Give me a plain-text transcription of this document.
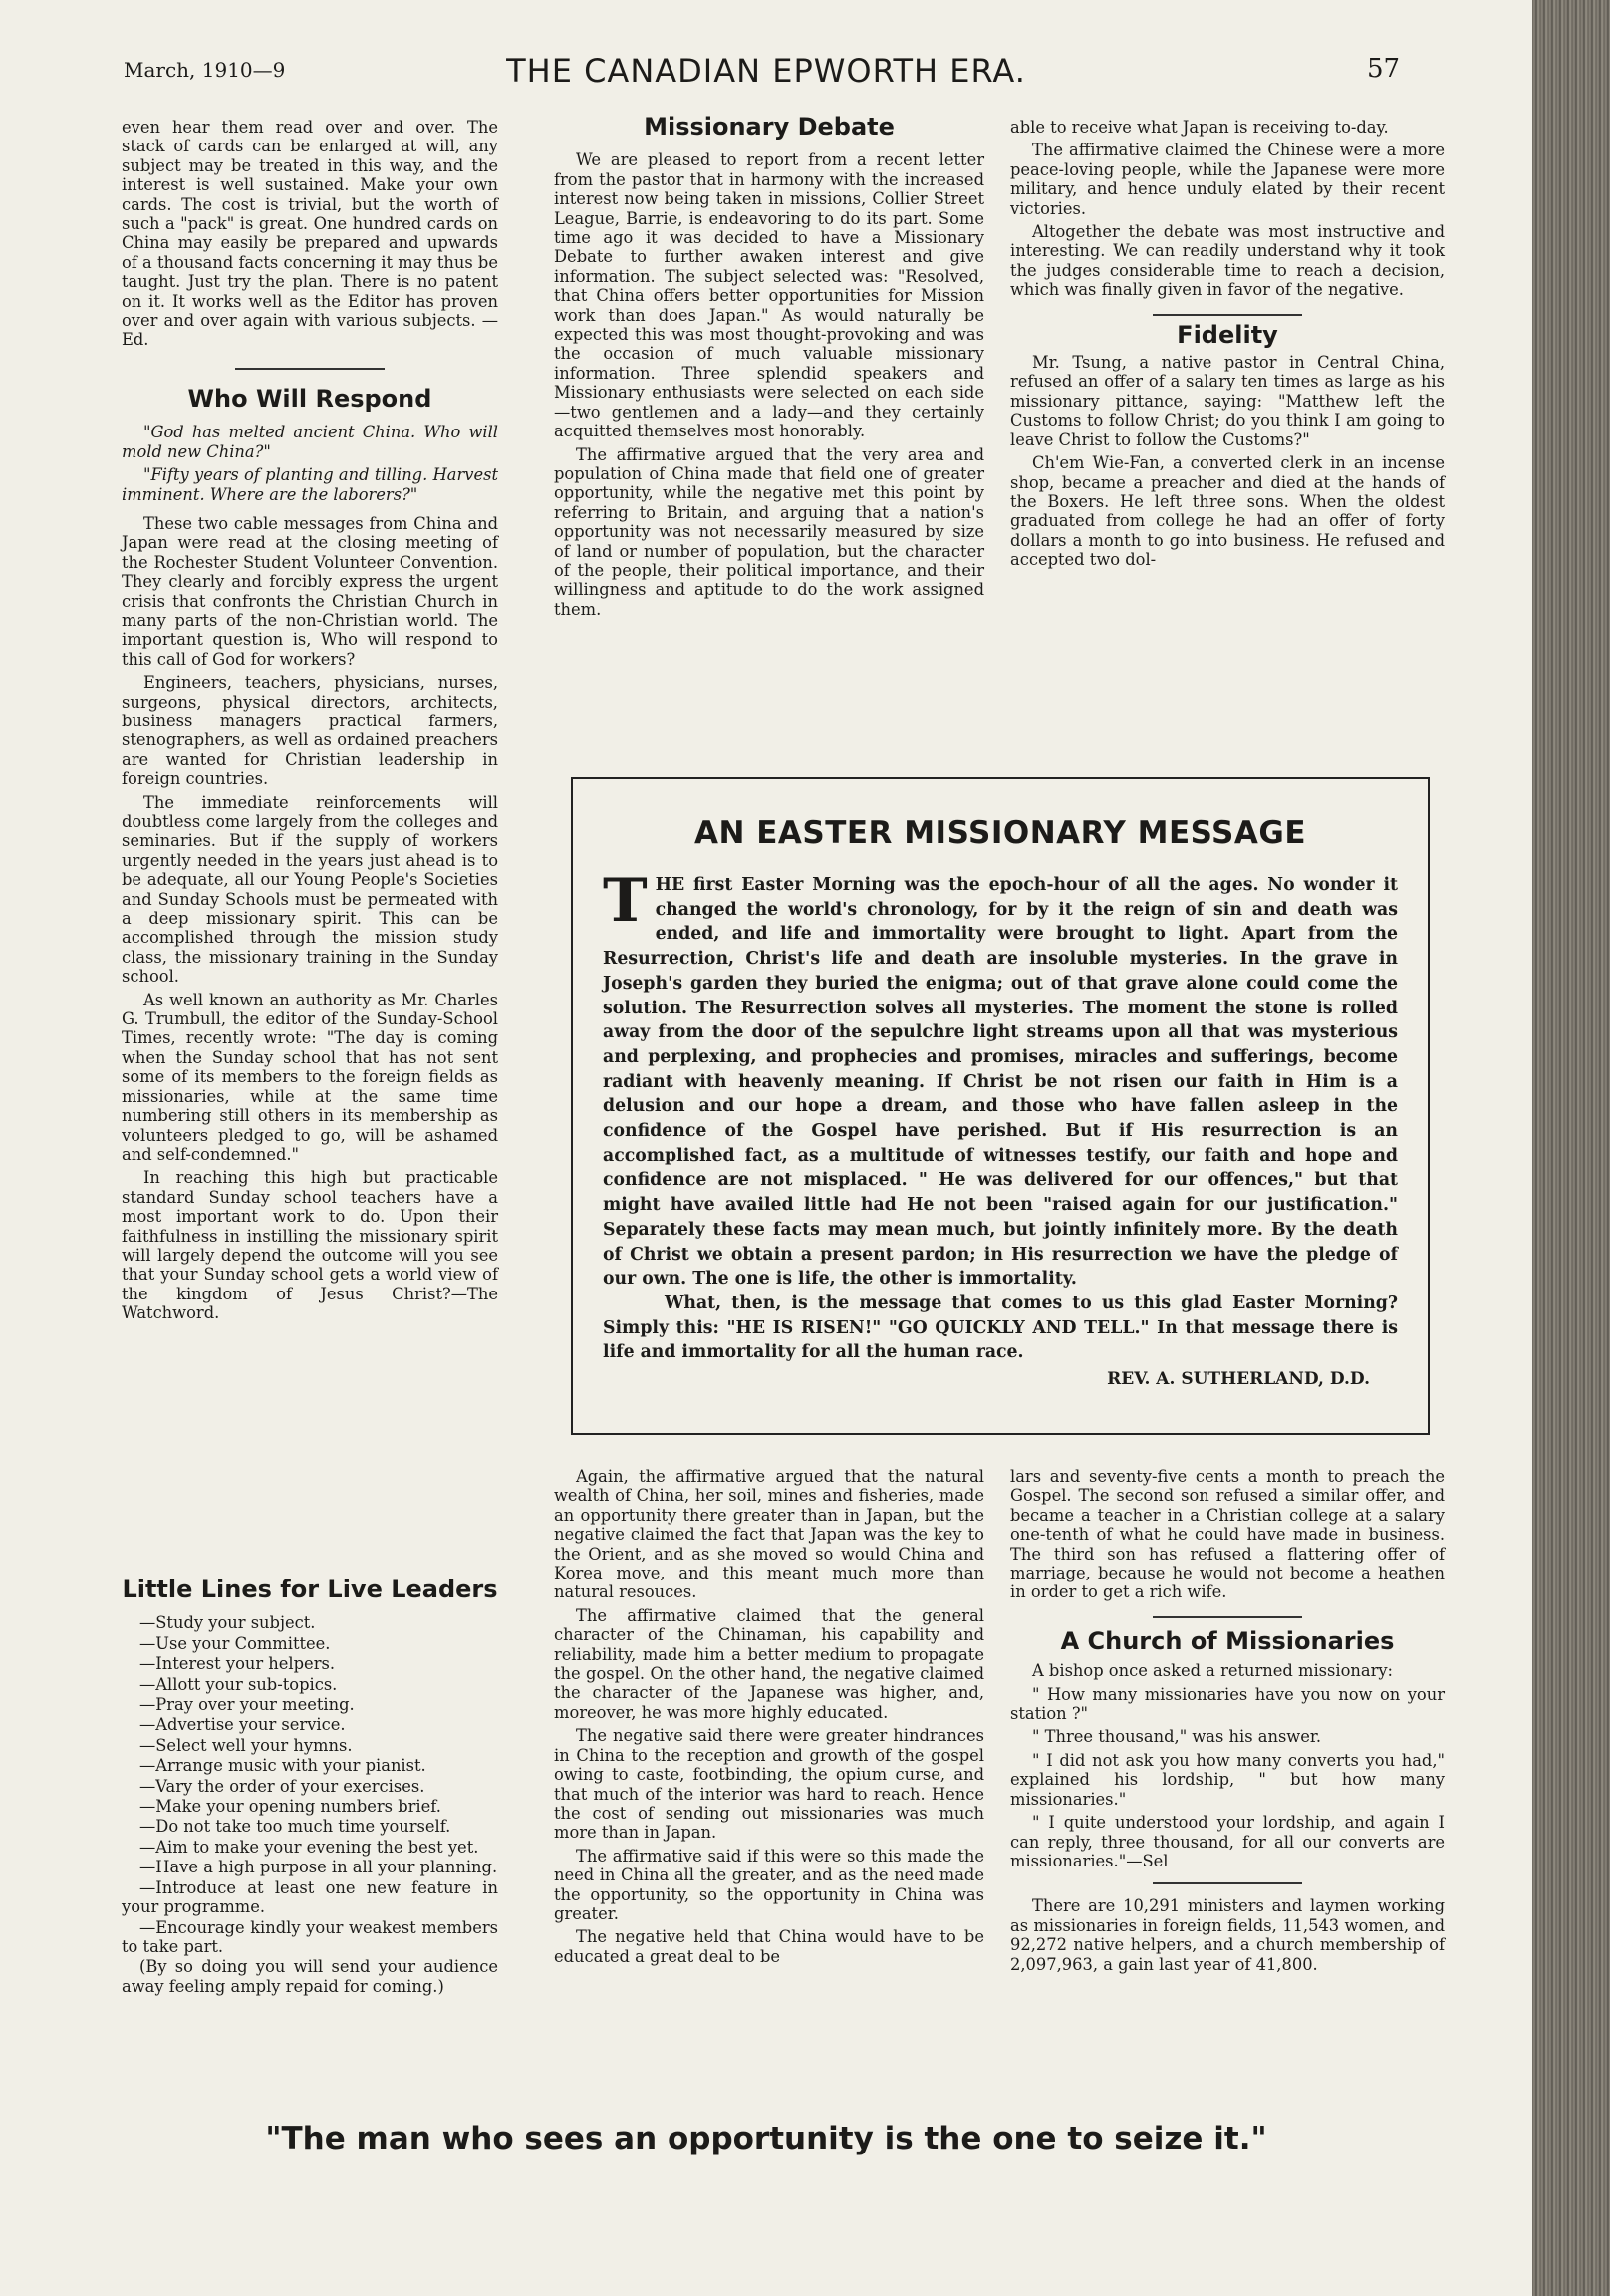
March, 1910—9	THE CANADIAN EPWORTH ERA.	57

even hear them read over and over. The stack of cards can be enlarged at will, any subject may be treated in this way, and the interest is well sustained. Make your own cards. The cost is trivial, but the worth of such a "pack" is great. One hundred cards on China may easily be prepared and upwards of a thousand facts concerning it may thus be taught. Just try the plan. There is no patent on it. It works well as the Editor has proven over and over again with various subjects. —Ed.

Who Will Respond

"God has melted ancient China. Who will mold new China?"

"Fifty years of planting and tilling. Harvest imminent. Where are the laborers?"

These two cable messages from China and Japan were read at the closing meeting of the Rochester Student Volunteer Convention. They clearly and forcibly express the urgent crisis that confronts the Christian Church in many parts of the non-Christian world. The important question is, Who will respond to this call of God for workers?

Engineers, teachers, physicians, nurses, surgeons, physical directors, architects, business managers practical farmers, stenographers, as well as ordained preachers are wanted for Christian leadership in foreign countries.

The immediate reinforcements will doubtless come largely from the colleges and seminaries. But if the supply of workers urgently needed in the years just ahead is to be adequate, all our Young People's Societies and Sunday Schools must be permeated with a deep missionary spirit. This can be accomplished through the mission study class, the missionary training in the Sunday school.

As well known an authority as Mr. Charles G. Trumbull, the editor of the Sunday-School Times, recently wrote: "The day is coming when the Sunday school that has not sent some of its members to the foreign fields as missionaries, while at the same time numbering still others in its membership as volunteers pledged to go, will be ashamed and self-condemned."

In reaching this high but practicable standard Sunday school teachers have a most important work to do. Upon their faithfulness in instilling the missionary spirit will largely depend the outcome will you see that your Sunday school gets a world view of the kingdom of Jesus Christ?—The Watchword.

Little Lines for Live Leaders
—Study your subject.
—Use your Committee.
—Interest your helpers.
—Allott your sub-topics.
—Pray over your meeting.
—Advertise your service.
—Select well your hymns.
—Arrange music with your pianist.
—Vary the order of your exercises.
—Make your opening numbers brief.
—Do not take too much time yourself.
—Aim to make your evening the best yet.
—Have a high purpose in all your planning.
—Introduce at least one new feature in your programme.
—Encourage kindly your weakest members to take part.
(By so doing you will send your audience away feeling amply repaid for coming.)
Missionary Debate

We are pleased to report from a recent letter from the pastor that in harmony with the increased interest now being taken in missions, Collier Street League, Barrie, is endeavoring to do its part. Some time ago it was decided to have a Missionary Debate to further awaken interest and give information. The subject selected was: "Resolved, that China offers better opportunities for Mission work than does Japan." As would naturally be expected this was most thought-provoking and was the occasion of much valuable missionary information. Three splendid speakers and Missionary enthusiasts were selected on each side—two gentlemen and a lady—and they certainly acquitted themselves most honorably.

The affirmative argued that the very area and population of China made that field one of greater opportunity, while the negative met this point by referring to Britain, and arguing that a nation's opportunity was not necessarily measured by size of land or number of population, but the character of the people, their political importance, and their willingness and aptitude to do the work assigned them.

able to receive what Japan is receiving to-day.

The affirmative claimed the Chinese were a more peace-loving people, while the Japanese were more military, and hence unduly elated by their recent victories.

Altogether the debate was most instructive and interesting. We can readily understand why it took the judges considerable time to reach a decision, which was finally given in favor of the negative.

Fidelity

Mr. Tsung, a native pastor in Central China, refused an offer of a salary ten times as large as his missionary pittance, saying: "Matthew left the Customs to follow Christ; do you think I am going to leave Christ to follow the Customs?"

Ch'em Wie-Fan, a converted clerk in an incense shop, became a preacher and died at the hands of the Boxers. He left three sons. When the oldest graduated from college he had an offer of forty dollars a month to go into business. He refused and accepted two dol-

AN EASTER MISSIONARY MESSAGE

THE first Easter Morning was the epoch-hour of all the ages. No wonder it changed the world's chronology, for by it the reign of sin and death was ended, and life and immortality were brought to light. Apart from the Resurrection, Christ's life and death are insoluble mysteries. In the grave in Joseph's garden they buried the enigma; out of that grave alone could come the solution. The Resurrection solves all mysteries. The moment the stone is rolled away from the door of the sepulchre light streams upon all that was mysterious and perplexing, and prophecies and promises, miracles and sufferings, become radiant with heavenly meaning. If Christ be not risen our faith in Him is a delusion and our hope a dream, and those who have fallen asleep in the confidence of the Gospel have perished. But if His resurrection is an accomplished fact, as a multitude of witnesses testify, our faith and hope and confidence are not misplaced. " He was delivered for our offences," but that might have availed little had He not been "raised again for our justification." Separately these facts may mean much, but jointly infinitely more. By the death of Christ we obtain a present pardon; in His resurrection we have the pledge of our own. The one is life, the other is immortality.

What, then, is the message that comes to us this glad Easter Morning? Simply this: "HE IS RISEN!" "GO QUICKLY AND TELL." In that message there is life and immortality for all the human race.

REV. A. SUTHERLAND, D.D.

Again, the affirmative argued that the natural wealth of China, her soil, mines and fisheries, made an opportunity there greater than in Japan, but the negative claimed the fact that Japan was the key to the Orient, and as she moved so would China and Korea move, and this meant much more than natural resouces.

The affirmative claimed that the general character of the Chinaman, his capability and reliability, made him a better medium to propagate the gospel. On the other hand, the negative claimed the character of the Japanese was higher, and, moreover, he was more highly educated.

The negative said there were greater hindrances in China to the reception and growth of the gospel owing to caste, footbinding, the opium curse, and that much of the interior was hard to reach. Hence the cost of sending out missionaries was much more than in Japan.

The affirmative said if this were so this made the need in China all the greater, and as the need made the opportunity, so the opportunity in China was greater.

The negative held that China would have to be educated a great deal to be

lars and seventy-five cents a month to preach the Gospel. The second son refused a similar offer, and became a teacher in a Christian college at a salary one-tenth of what he could have made in business. The third son has refused a flattering offer of marriage, because he would not become a heathen in order to get a rich wife.

A Church of Missionaries

A bishop once asked a returned missionary:

" How many missionaries have you now on your station ?"

" Three thousand," was his answer.

" I did not ask you how many converts you had," explained his lordship, " but how many missionaries."

" I quite understood your lordship, and again I can reply, three thousand, for all our converts are missionaries."—Sel

There are 10,291 ministers and laymen working as missionaries in foreign fields, 11,543 women, and 92,272 native helpers, and a church membership of 2,097,963, a gain last year of 41,800.

"The man who sees an opportunity is the one to seize it."
